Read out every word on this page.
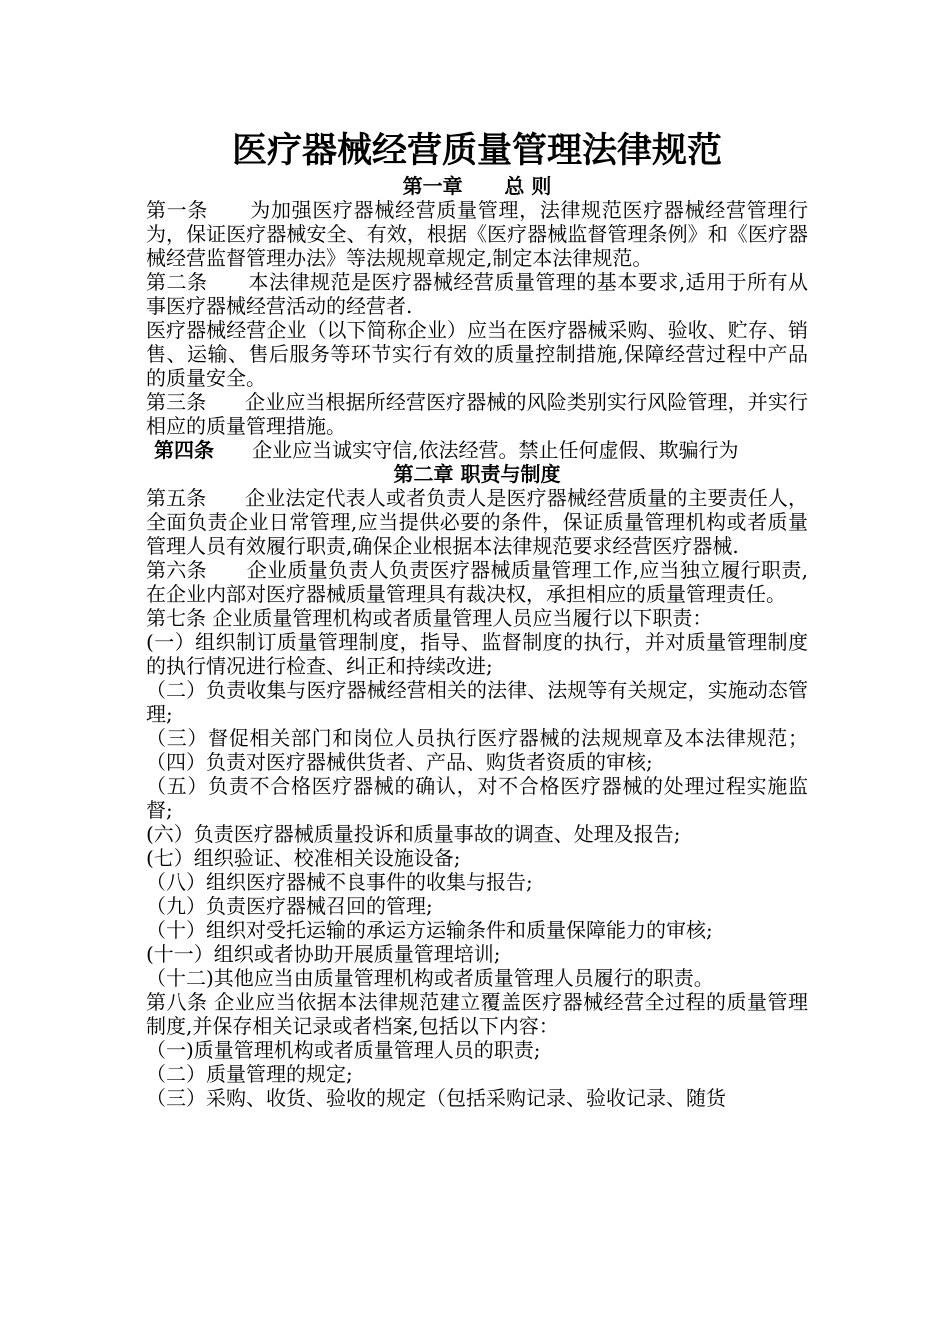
医疗器械经营质量管理法律规范

第一章      总 则

第一条      为加强医疗器械经营质量管理，法律规范医疗器械经营管理行为，保证医疗器械安全、有效，根据《医疗器械监督管理条例》和《医疗器械经营监督管理办法》等法规规章规定,制定本法律规范。

第二条      本法律规范是医疗器械经营质量管理的基本要求,适用于所有从事医疗器械经营活动的经营者.

医疗器械经营企业（以下简称企业）应当在医疗器械采购、验收、贮存、销售、运输、售后服务等环节实行有效的质量控制措施,保障经营过程中产品的质量安全。

第三条      企业应当根据所经营医疗器械的风险类别实行风险管理，并实行相应的质量管理措施。

第四条      企业应当诚实守信,依法经营。禁止任何虚假、欺骗行为

第二章 职责与制度

第五条      企业法定代表人或者负责人是医疗器械经营质量的主要责任人，全面负责企业日常管理,应当提供必要的条件，保证质量管理机构或者质量管理人员有效履行职责,确保企业根据本法律规范要求经营医疗器械.

第六条      企业质量负责人负责医疗器械质量管理工作,应当独立履行职责,在企业内部对医疗器械质量管理具有裁决权，承担相应的质量管理责任。

第七条 企业质量管理机构或者质量管理人员应当履行以下职责：

(一）组织制订质量管理制度，指导、监督制度的执行，并对质量管理制度的执行情况进行检查、纠正和持续改进;

（二）负责收集与医疗器械经营相关的法律、法规等有关规定，实施动态管理;

（三）督促相关部门和岗位人员执行医疗器械的法规规章及本法律规范；  （四）负责对医疗器械供货者、产品、购货者资质的审核;

（五）负责不合格医疗器械的确认，对不合格医疗器械的处理过程实施监督;

(六）负责医疗器械质量投诉和质量事故的调查、处理及报告;

(七）组织验证、校准相关设施设备;

（八）组织医疗器械不良事件的收集与报告;

（九）负责医疗器械召回的管理;

（十）组织对受托运输的承运方运输条件和质量保障能力的审核;

(十一）组织或者协助开展质量管理培训;

（十二)其他应当由质量管理机构或者质量管理人员履行的职责。

第八条 企业应当依据本法律规范建立覆盖医疗器械经营全过程的质量管理制度,并保存相关记录或者档案,包括以下内容：

（一)质量管理机构或者质量管理人员的职责;

（二）质量管理的规定;

（三）采购、收货、验收的规定（包括采购记录、验收记录、随货
